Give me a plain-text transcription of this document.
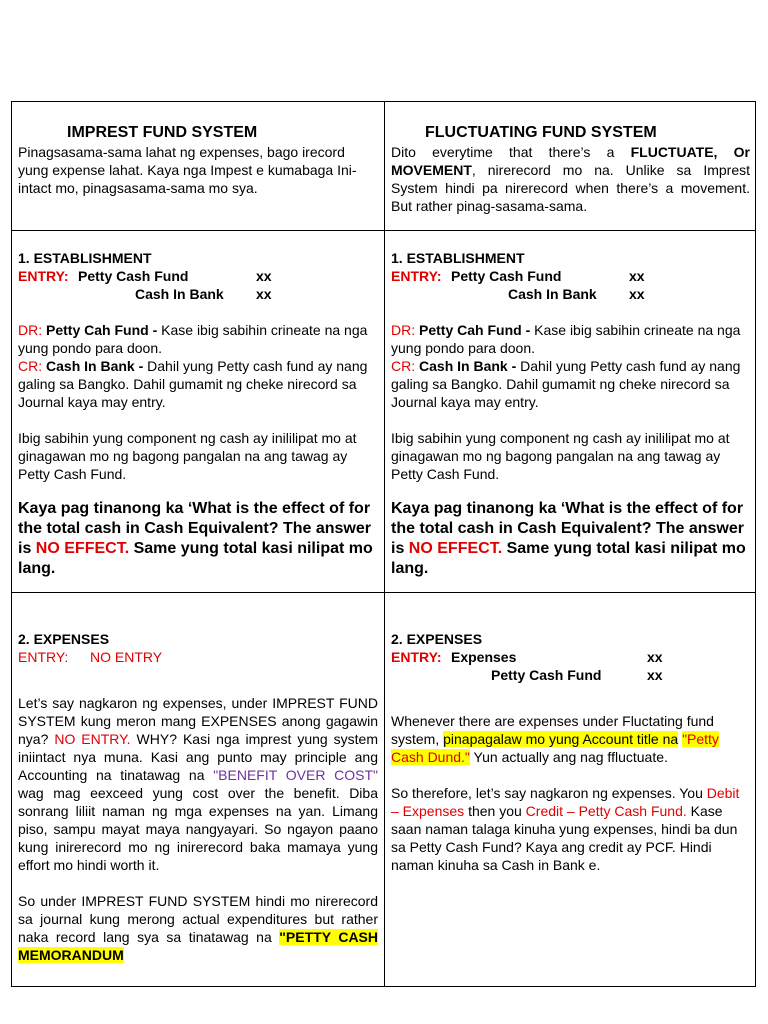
IMPREST FUND SYSTEM

Pinagsasama-sama lahat ng expenses, bago irecord yung expense lahat. Kaya nga Impest e kumabaga Ini-intact mo, pinagsasama-sama mo sya.

FLUCTUATING FUND SYSTEM

Dito everytime that there’s a FLUCTUATE, Or MOVEMENT, nirerecord mo na. Unlike sa Imprest System hindi pa nirerecord when there’s a movement. But rather pinag-sasama-sama.

1. ESTABLISHMENT
ENTRY: Petty Cash Fund	xx
Cash In Bank xx

DR: Petty Cah Fund - Kase ibig sabihin crineate na nga yung pondo para doon.

CR: Cash In Bank - Dahil yung Petty cash fund ay nang galing sa Bangko. Dahil gumamit ng cheke nirecord sa Journal kaya may entry.

Ibig sabihin yung component ng cash ay inililipat mo at ginagawan mo ng bagong pangalan na ang tawag ay Petty Cash Fund.

Kaya pag tinanong ka ‘What is the effect of for the total cash in Cash Equivalent? The answer is NO EFFECT. Same yung total kasi nilipat mo lang.

1. ESTABLISHMENT
ENTRY: Petty Cash Fund	xx
Cash In Bank xx

DR: Petty Cah Fund - Kase ibig sabihin crineate na nga yung pondo para doon.

CR: Cash In Bank - Dahil yung Petty cash fund ay nang galing sa Bangko. Dahil gumamit ng cheke nirecord sa Journal kaya may entry.

Ibig sabihin yung component ng cash ay inililipat mo at ginagawan mo ng bagong pangalan na ang tawag ay Petty Cash Fund.

Kaya pag tinanong ka ‘What is the effect of for the total cash in Cash Equivalent? The answer is NO EFFECT. Same yung total kasi nilipat mo lang.

2. EXPENSES
ENTRY: NO ENTRY

Let’s say nagkaron ng expenses, under IMPREST FUND SYSTEM kung meron mang EXPENSES anong gagawin nya? NO ENTRY. WHY? Kasi nga imprest yung system iniintact nya muna. Kasi ang punto may principle ang Accounting na tinatawag na "BENEFIT OVER COST" wag mag eexceed yung cost over the benefit. Diba sonrang liliit naman ng mga expenses na yan. Limang piso, sampu mayat maya nangyayari. So ngayon paano kung inirerecord mo ng inirerecord baka mamaya yung effort mo hindi worth it.

So under IMPREST FUND SYSTEM hindi mo nirerecord sa journal kung merong actual expenditures but rather naka record lang sya sa tinatawag na "PETTY CASH MEMORANDUM

2. EXPENSES
ENTRY: Expenses	xx
Petty Cash Fund	xx

Whenever there are expenses under Fluctating fund system, pinapagalaw mo yung Account title na "Petty Cash Dund." Yun actually ang nag ffluctuate.

So therefore, let’s say nagkaron ng expenses. You Debit – Expenses then you Credit – Petty Cash Fund. Kase saan naman talaga kinuha yung expenses, hindi ba dun sa Petty Cash Fund? Kaya ang credit ay PCF. Hindi naman kinuha sa Cash in Bank e.
